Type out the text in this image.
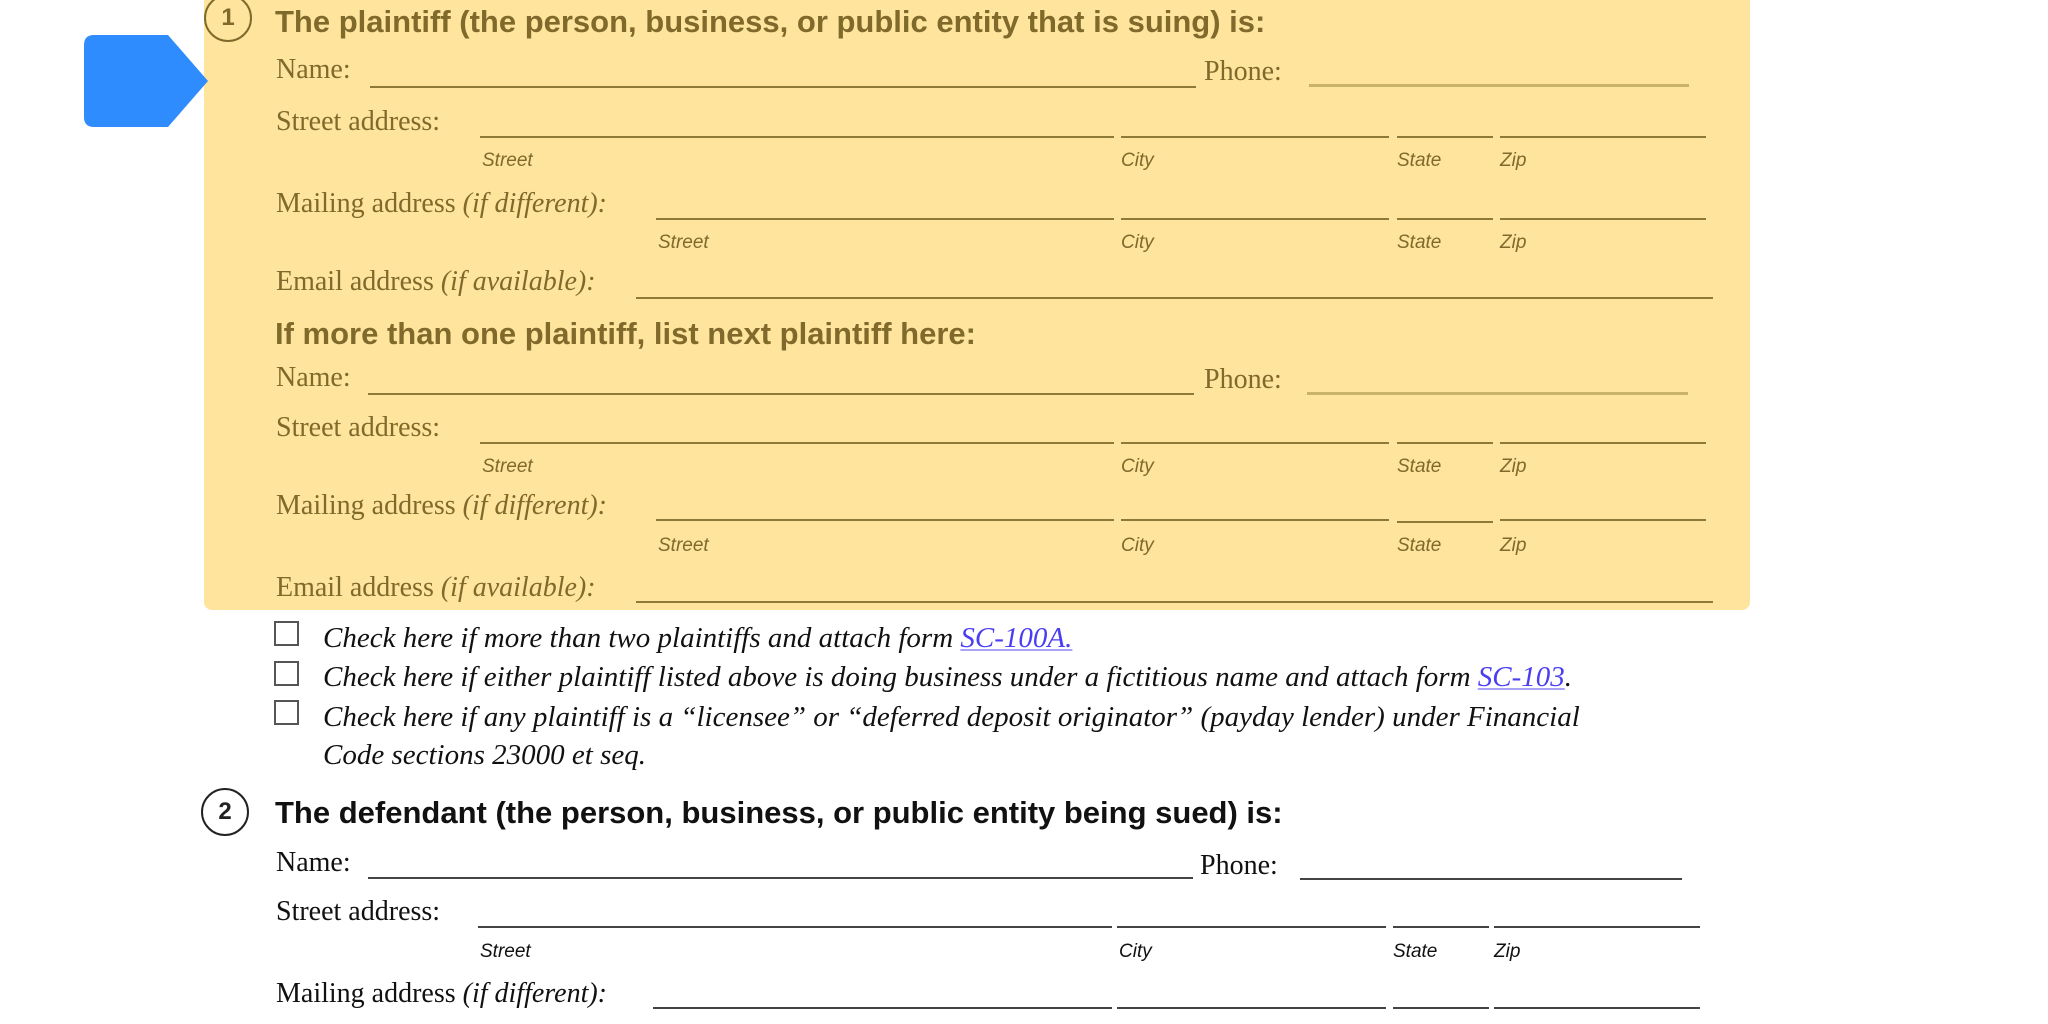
1	The plaintiff (the person, business, or public entity that is suing) is:
Name:	Phone:
Street address:
Street	City	State	Zip
Mailing address (if different):
Street	City	State	Zip
Email address (if available):
If more than one plaintiff, list next plaintiff here:
Name:	Phone:
Street address:
Street	City	State	Zip
Mailing address (if different):
Street	City	State	Zip
Email address (if available):
Check here if more than two plaintiffs and attach form SC-100A.
Check here if either plaintiff listed above is doing business under a fictitious name and attach form SC-103.
Check here if any plaintiff is a “licensee” or “deferred deposit originator” (payday lender) under Financial
Code sections 23000 et seq.
2	The defendant (the person, business, or public entity being sued) is:
Name:	Phone:
Street address:
Street	City	State	Zip
Mailing address (if different):
